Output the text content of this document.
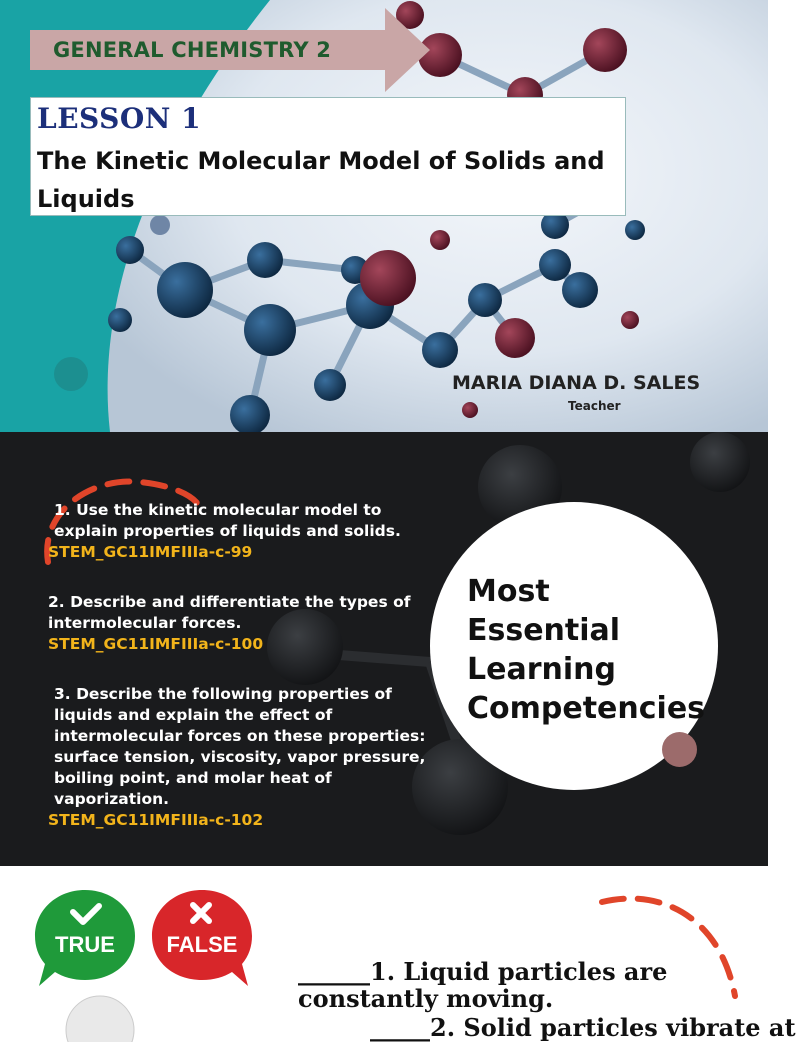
GENERAL CHEMISTRY 2
LESSON 1
The Kinetic Molecular Model of Solids and Liquids
MARIA DIANA D. SALES
Teacher
1. Use the kinetic molecular model to explain properties of liquids and solids.
STEM_GC11IMFIIIa-c-99
2. Describe and differentiate the types of intermolecular forces.
STEM_GC11IMFIIIa-c-100
3. Describe the following properties of liquids and explain the effect of intermolecular forces on these properties: surface tension, viscosity, vapor pressure, boiling point, and molar heat of vaporization.
STEM_GC11IMFIIIa-c-102
Most
Essential
Learning
Competencies
TRUE FALSE
______1. Liquid particles are constantly moving.
_____2. Solid particles vibrate at
